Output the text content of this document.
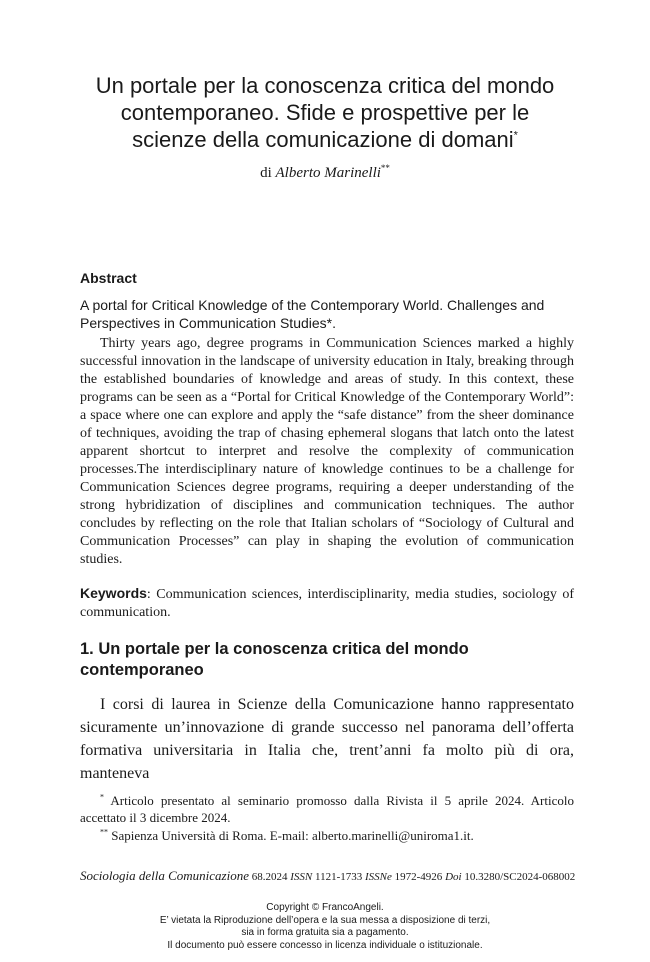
Un portale per la conoscenza critica del mondo
contemporaneo. Sfide e prospettive per le
scienze della comunicazione di domani*
di Alberto Marinelli**
Abstract
A portal for Critical Knowledge of the Contemporary World. Challenges and Perspectives in Communication Studies*.

Thirty years ago, degree programs in Communication Sciences marked a highly successful innovation in the landscape of university education in Italy, breaking through the established boundaries of knowledge and areas of study. In this context, these programs can be seen as a “Portal for Critical Knowledge of the Contemporary World”: a space where one can explore and apply the “safe distance” from the sheer dominance of techniques, avoiding the trap of chasing ephemeral slogans that latch onto the latest apparent shortcut to interpret and resolve the complexity of communication processes.The interdisciplinary nature of knowledge continues to be a challenge for Communication Sciences degree programs, requiring a deeper understanding of the strong hybridization of disciplines and communication techniques. The author concludes by reflecting on the role that Italian scholars of “Sociology of Cultural and Communication Processes” can play in shaping the evolution of communication studies.

Keywords: Communication sciences, interdisciplinarity, media studies, sociology of communication.

1. Un portale per la conoscenza critica del mondo contemporaneo

I corsi di laurea in Scienze della Comunicazione hanno rappresentato sicuramente un’innovazione di grande successo nel panorama dell’offerta formativa universitaria in Italia che, trent’anni fa molto più di ora, manteneva

* Articolo presentato al seminario promosso dalla Rivista il 5 aprile 2024. Articolo accettato il 3 dicembre 2024.

** Sapienza Università di Roma. E-mail: alberto.marinelli@uniroma1.it.

Sociologia della Comunicazione 68.2024 ISSN 1121-1733 ISSNe 1972-4926 Doi 10.3280/SC2024-068002
Copyright © FrancoAngeli.
E’ vietata la Riproduzione dell’opera e la sua messa a disposizione di terzi,
sia in forma gratuita sia a pagamento.
Il documento può essere concesso in licenza individuale o istituzionale.
